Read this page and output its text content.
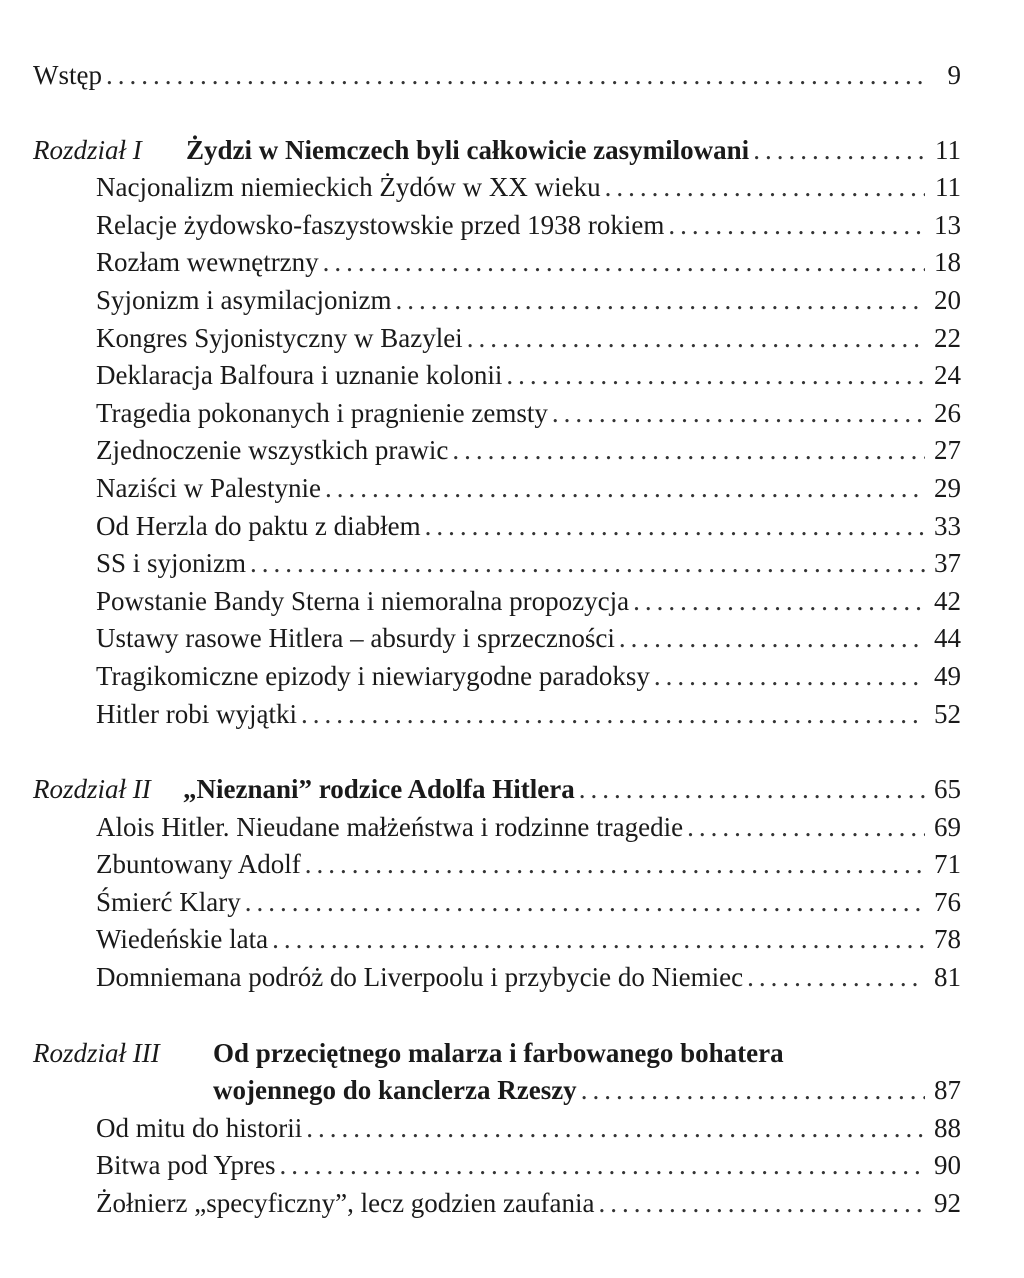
Wstęp .....	9
Rozdział I	Żydzi w Niemczech byli całkowicie zasymilowani .....	11
Nacjonalizm niemieckich Żydów w XX wieku .....	11
Relacje żydowsko-faszystowskie przed 1938 rokiem .....	13
Rozłam wewnętrzny .....	18
Syjonizm i asymilacjonizm .....	20
Kongres Syjonistyczny w Bazylei .....	22
Deklaracja Balfoura i uznanie kolonii .....	24
Tragedia pokonanych i pragnienie zemsty .....	26
Zjednoczenie wszystkich prawic .....	27
Naziści w Palestynie .....	29
Od Herzla do paktu z diabłem .....	33
SS i syjonizm .....	37
Powstanie Bandy Sterna i niemoralna propozycja .....	42
Ustawy rasowe Hitlera – absurdy i sprzeczności .....	44
Tragikomiczne epizody i niewiarygodne paradoksy .....	49
Hitler robi wyjątki .....	52
Rozdział II	„Nieznani” rodzice Adolfa Hitlera .....	65
Alois Hitler. Nieudane małżeństwa i rodzinne tragedie .....	69
Zbuntowany Adolf .....	71
Śmierć Klary .....	76
Wiedeńskie lata .....	78
Domniemana podróż do Liverpoolu i przybycie do Niemiec .....	81
Rozdział III	Od przeciętnego malarza i farbowanego bohatera
wojennego do kanclerza Rzeszy .....	87
Od mitu do historii .....	88
Bitwa pod Ypres .....	90
Żołnierz „specyficzny”, lecz godzien zaufania .....	92
